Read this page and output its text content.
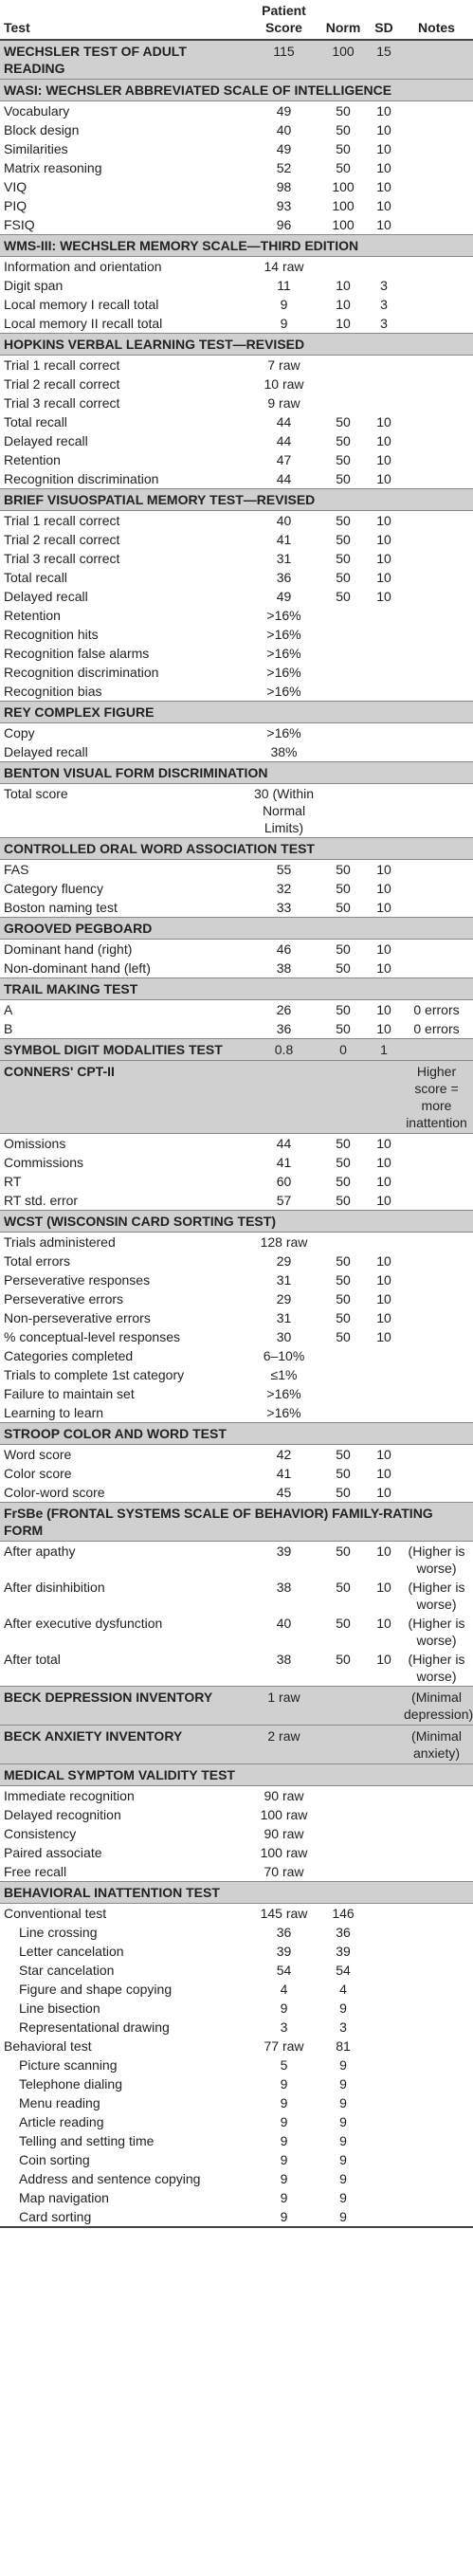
Test	Patient Score	Norm	SD	Notes
WECHSLER TEST OF ADULT READING	115	100	15	
WASI: WECHSLER ABBREVIATED SCALE OF INTELLIGENCE				
Vocabulary	49	50	10	
Block design	40	50	10	
Similarities	49	50	10	
Matrix reasoning	52	50	10	
VIQ	98	100	10	
PIQ	93	100	10	
FSIQ	96	100	10	
WMS-III: WECHSLER MEMORY SCALE—THIRD EDITION				
Information and orientation	14 raw			
Digit span	11	10	3	
Local memory I recall total	9	10	3	
Local memory II recall total	9	10	3	
HOPKINS VERBAL LEARNING TEST—REVISED				
Trial 1 recall correct	7 raw			
Trial 2 recall correct	10 raw			
Trial 3 recall correct	9 raw			
Total recall	44	50	10	
Delayed recall	44	50	10	
Retention	47	50	10	
Recognition discrimination	44	50	10	
BRIEF VISUOSPATIAL MEMORY TEST—REVISED				
Trial 1 recall correct	40	50	10	
Trial 2 recall correct	41	50	10	
Trial 3 recall correct	31	50	10	
Total recall	36	50	10	
Delayed recall	49	50	10	
Retention	>16%			
Recognition hits	>16%			
Recognition false alarms	>16%			
Recognition discrimination	>16%			
Recognition bias	>16%			
REY COMPLEX FIGURE				
Copy	>16%			
Delayed recall	38%			
BENTON VISUAL FORM DISCRIMINATION				
Total score	30 (Within Normal Limits)			
CONTROLLED ORAL WORD ASSOCIATION TEST				
FAS	55	50	10	
Category fluency	32	50	10	
Boston naming test	33	50	10	
GROOVED PEGBOARD				
Dominant hand (right)	46	50	10	
Non-dominant hand (left)	38	50	10	
TRAIL MAKING TEST				
A	26	50	10	0 errors
B	36	50	10	0 errors
SYMBOL DIGIT MODALITIES TEST	0.8	0	1	
CONNERS' CPT-II				Higher score = more inattention
Omissions	44	50	10	
Commissions	41	50	10	
RT	60	50	10	
RT std. error	57	50	10	
WCST (WISCONSIN CARD SORTING TEST)				
Trials administered	128 raw			
Total errors	29	50	10	
Perseverative responses	31	50	10	
Perseverative errors	29	50	10	
Non-perseverative errors	31	50	10	
% conceptual-level responses	30	50	10	
Categories completed	6–10%			
Trials to complete 1st category	≤1%			
Failure to maintain set	>16%			
Learning to learn	>16%			
STROOP COLOR AND WORD TEST				
Word score	42	50	10	
Color score	41	50	10	
Color-word score	45	50	10	
FrSBe (FRONTAL SYSTEMS SCALE OF BEHAVIOR) FAMILY-RATING FORM				
After apathy	39	50	10	(Higher is worse)
After disinhibition	38	50	10	(Higher is worse)
After executive dysfunction	40	50	10	(Higher is worse)
After total	38	50	10	(Higher is worse)
BECK DEPRESSION INVENTORY	1 raw			(Minimal depression)
BECK ANXIETY INVENTORY	2 raw			(Minimal anxiety)
MEDICAL SYMPTOM VALIDITY TEST				
Immediate recognition	90 raw			
Delayed recognition	100 raw			
Consistency	90 raw			
Paired associate	100 raw			
Free recall	70 raw			
BEHAVIORAL INATTENTION TEST				
Conventional test	145 raw	146		
Line crossing	36	36		
Letter cancelation	39	39		
Star cancelation	54	54		
Figure and shape copying	4	4		
Line bisection	9	9		
Representational drawing	3	3		
Behavioral test	77 raw	81		
Picture scanning	5	9		
Telephone dialing	9	9		
Menu reading	9	9		
Article reading	9	9		
Telling and setting time	9	9		
Coin sorting	9	9		
Address and sentence copying	9	9		
Map navigation	9	9		
Card sorting	9	9		
